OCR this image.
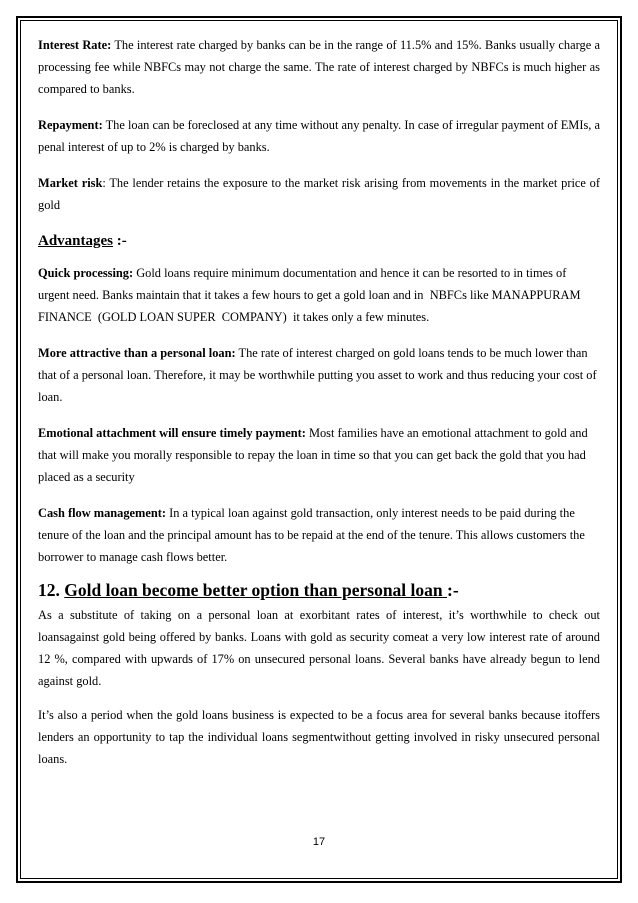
Interest Rate: The interest rate charged by banks can be in the range of 11.5% and 15%. Banks usually charge a processing fee while NBFCs may not charge the same. The rate of interest charged by NBFCs is much higher as compared to banks.

Repayment: The loan can be foreclosed at any time without any penalty. In case of irregular payment of EMIs, a penal interest of up to 2% is charged by banks.

Market risk: The lender retains the exposure to the market risk arising from movements in the market price of gold

Advantages :-

Quick processing: Gold loans require minimum documentation and hence it can be resorted to in times of urgent need. Banks maintain that it takes a few hours to get a gold loan and in  NBFCs like MANAPPURAM  FINANCE  (GOLD LOAN SUPER  COMPANY)  it takes only a few minutes.

More attractive than a personal loan: The rate of interest charged on gold loans tends to be much lower than that of a personal loan. Therefore, it may be worthwhile putting you asset to work and thus reducing your cost of loan.

Emotional attachment will ensure timely payment: Most families have an emotional attachment to gold and that will make you morally responsible to repay the loan in time so that you can get back the gold that you had placed as a security

Cash flow management: In a typical loan against gold transaction, only interest needs to be paid during the tenure of the loan and the principal amount has to be repaid at the end of the tenure. This allows customers the borrower to manage cash flows better.

12. Gold loan become better option than personal loan :-

As a substitute of taking on a personal loan at exorbitant rates of interest, it’s worthwhile to check out loansagainst gold being offered by banks. Loans with gold as security comeat a very low interest rate of around 12 %, compared with upwards of 17% on unsecured personal loans. Several banks have already begun to lend against gold.

It’s also a period when the gold loans business is expected to be a focus area for several banks because itoffers lenders an opportunity to tap the individual loans segmentwithout getting involved in risky unsecured personal loans.

17
